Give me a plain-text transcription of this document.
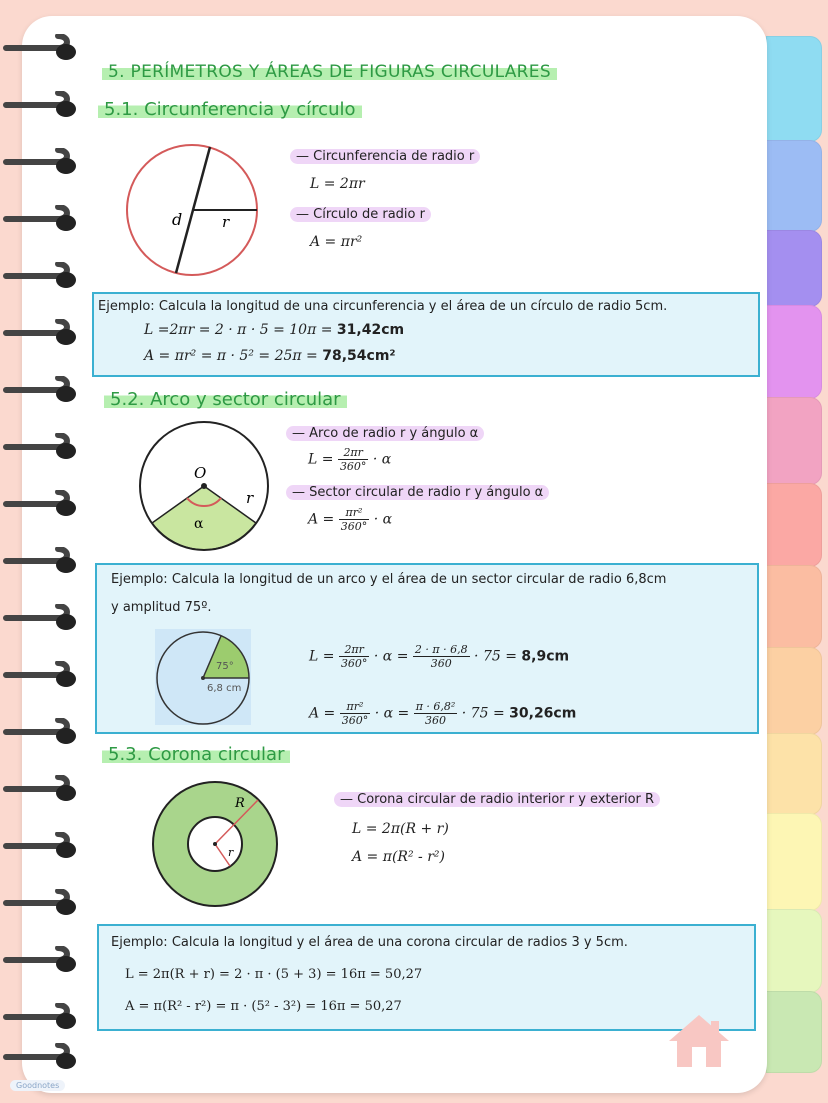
5. PERÍMETROS Y ÁREAS DE FIGURAS CIRCULARES
5.1. Circunferencia y círculo
d	r
— Circunferencia de radio r
L = 2πr
— Círculo de radio r
A = πr²
Ejemplo: Calcula la longitud de una circunferencia y el área de un círculo de radio 5cm.
L =2πr = 2 · π · 5 = 10π = 31,42cm
A = πr² = π · 5² = 25π = 78,54cm²
5.2. Arco y sector circular
O
r
α
— Arco de radio r y ángulo α
$L = \frac{2\pi r}{360^\circ} \cdot \alpha$
— Sector circular de radio r y ángulo α
$A = \frac{\text{πr²}}{360^\circ} \cdot \alpha$
Ejemplo: Calcula la longitud de un arco y el área de un sector circular de radio 6,8cm
y amplitud 75º.
75°
6,8 cm
$L = \frac{2\pi r}{360^\circ} \cdot \alpha = \frac{2 \cdot \pi \cdot 6,8}{360} \cdot 75 = 8,9cm$
$A = \frac{\text{πr²}}{360^\circ} \cdot \alpha = \frac{\text{π · 6,8²}}{360} \cdot 75 = 30,26cm$
5.3. Corona circular
R
r
— Corona circular de radio interior r y exterior R
L = 2π(R + r)
A = π(R² - r²)
Ejemplo: Calcula la longitud y el área de una corona circular de radios 3 y 5cm.
L = 2π(R + r) = 2 · π · (5 + 3) = 16π = 50,27
A = π(R² - r²) = π · (5² - 3²) = 16π = 50,27
Goodnotes
